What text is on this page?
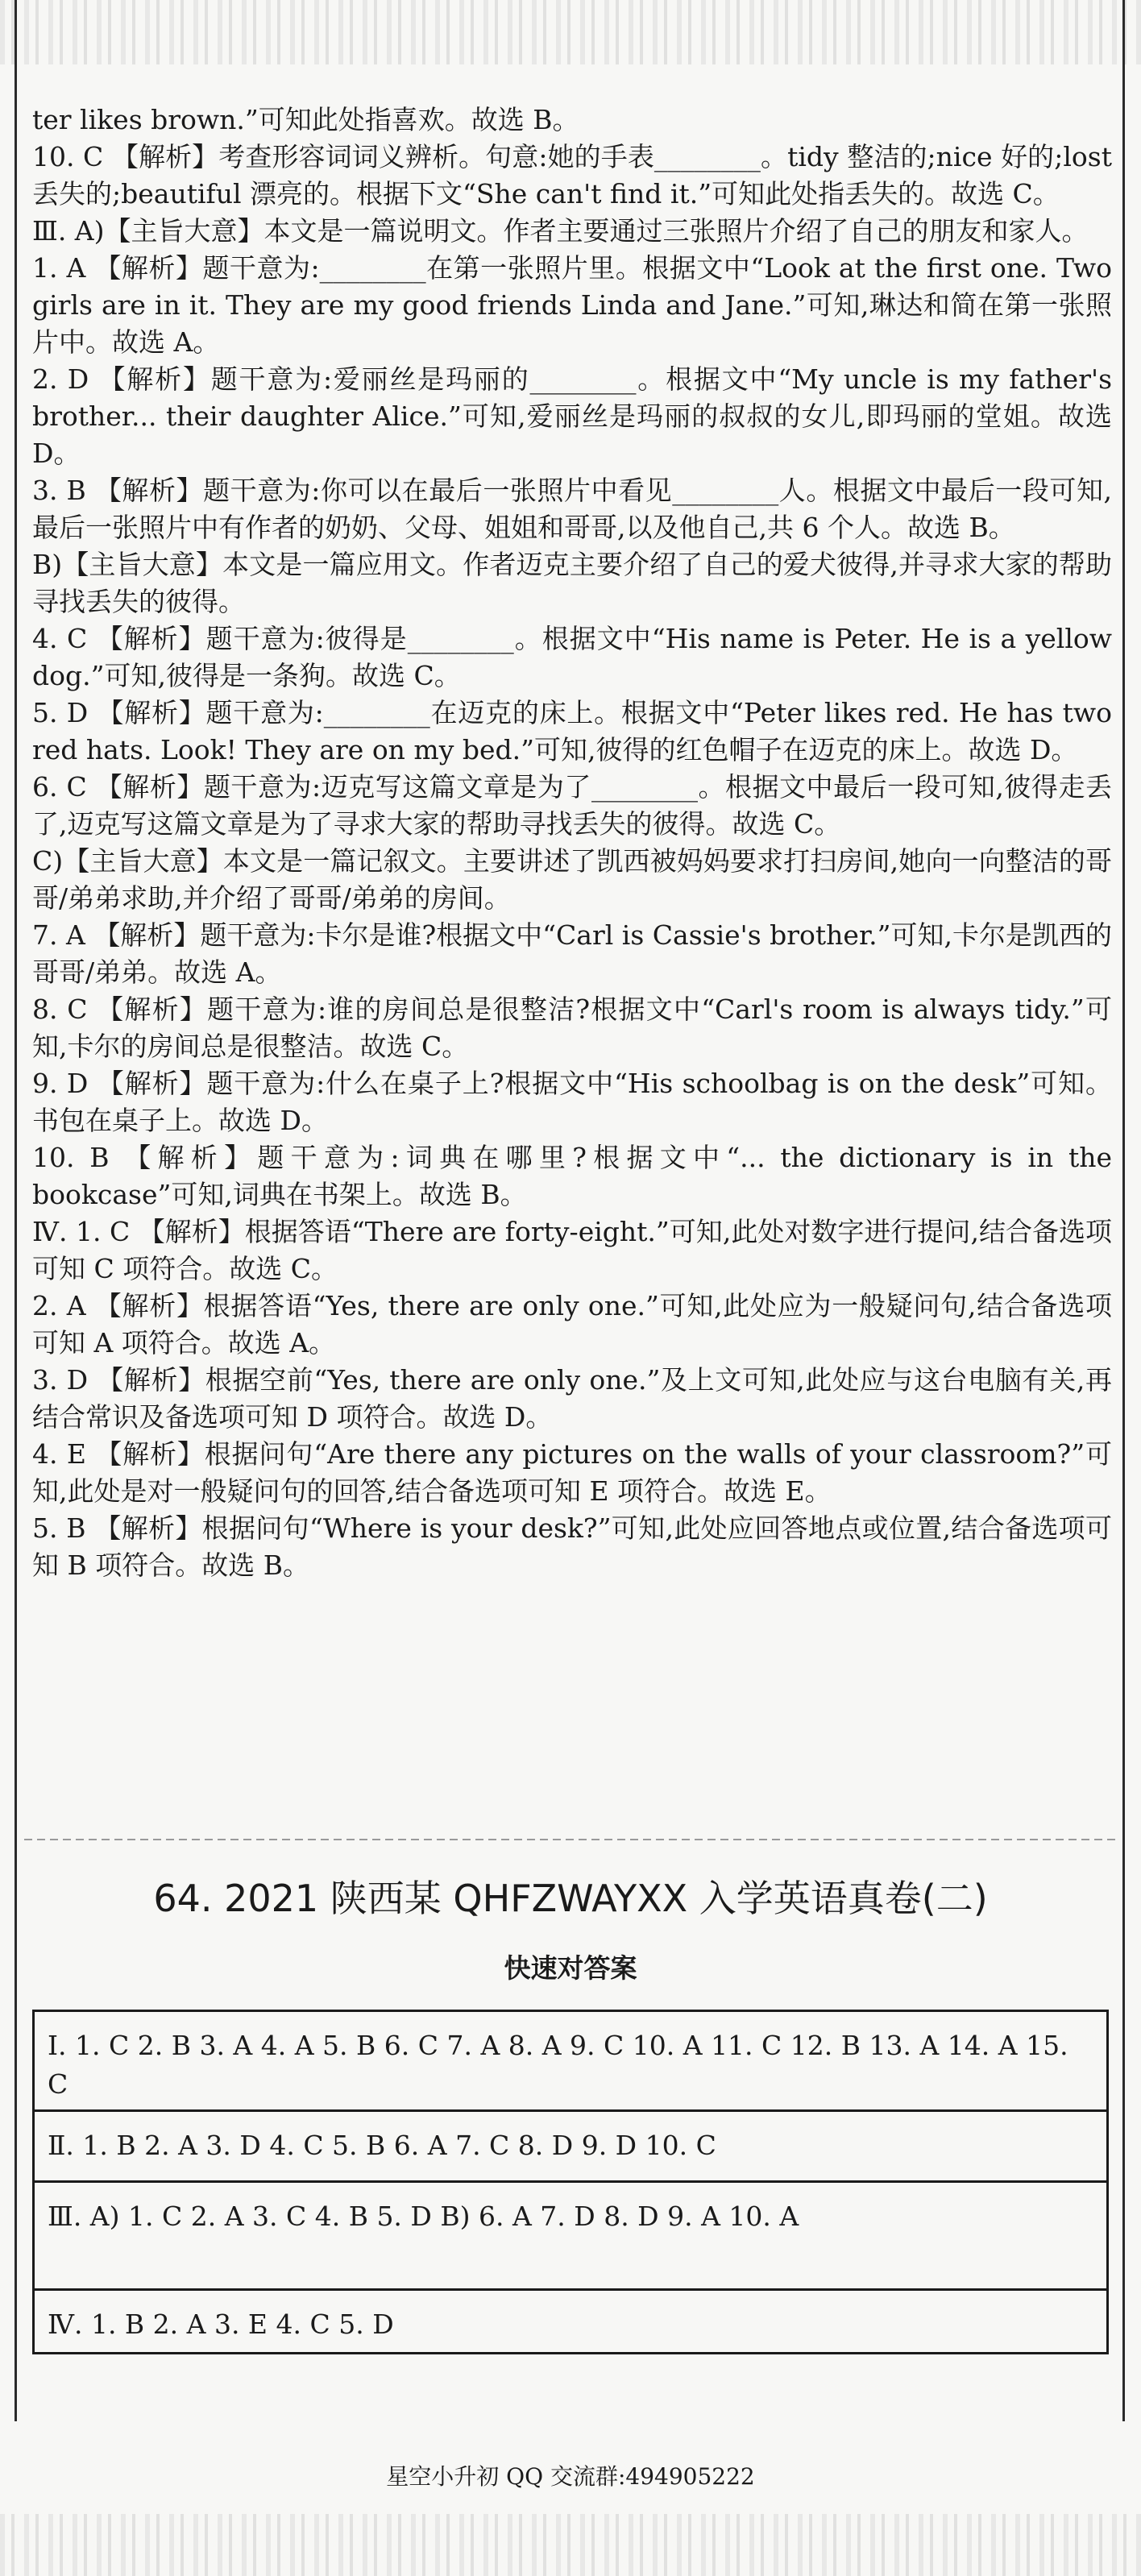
ter likes brown.”可知此处指喜欢。故选 B。
10. C 【解析】考查形容词词义辨析。句意:她的手表________。tidy 整洁的;nice 好的;lost 丢失的;beautiful 漂亮的。根据下文“She can't find it.”可知此处指丢失的。故选 C。
Ⅲ. A)【主旨大意】本文是一篇说明文。作者主要通过三张照片介绍了自己的朋友和家人。
1. A 【解析】题干意为:________在第一张照片里。根据文中“Look at the first one. Two girls are in it. They are my good friends Linda and Jane.”可知,琳达和简在第一张照片中。故选 A。
2. D 【解析】题干意为:爱丽丝是玛丽的________。根据文中“My uncle is my father's brother... their daughter Alice.”可知,爱丽丝是玛丽的叔叔的女儿,即玛丽的堂姐。故选 D。
3. B 【解析】题干意为:你可以在最后一张照片中看见________人。根据文中最后一段可知,最后一张照片中有作者的奶奶、父母、姐姐和哥哥,以及他自己,共 6 个人。故选 B。
B)【主旨大意】本文是一篇应用文。作者迈克主要介绍了自己的爱犬彼得,并寻求大家的帮助寻找丢失的彼得。
4. C 【解析】题干意为:彼得是________。根据文中“His name is Peter. He is a yellow dog.”可知,彼得是一条狗。故选 C。
5. D 【解析】题干意为:________在迈克的床上。根据文中“Peter likes red. He has two red hats. Look! They are on my bed.”可知,彼得的红色帽子在迈克的床上。故选 D。
6. C 【解析】题干意为:迈克写这篇文章是为了________。根据文中最后一段可知,彼得走丢了,迈克写这篇文章是为了寻求大家的帮助寻找丢失的彼得。故选 C。
C)【主旨大意】本文是一篇记叙文。主要讲述了凯西被妈妈要求打扫房间,她向一向整洁的哥哥/弟弟求助,并介绍了哥哥/弟弟的房间。
7. A 【解析】题干意为:卡尔是谁?根据文中“Carl is Cassie's brother.”可知,卡尔是凯西的哥哥/弟弟。故选 A。
8. C 【解析】题干意为:谁的房间总是很整洁?根据文中“Carl's room is always tidy.”可知,卡尔的房间总是很整洁。故选 C。
9. D 【解析】题干意为:什么在桌子上?根据文中“His schoolbag is on the desk”可知。书包在桌子上。故选 D。
10. B 【解析】题干意为:词典在哪里?根据文中“... the dictionary is in the bookcase”可知,词典在书架上。故选 B。
Ⅳ. 1. C 【解析】根据答语“There are forty-eight.”可知,此处对数字进行提问,结合备选项可知 C 项符合。故选 C。
2. A 【解析】根据答语“Yes, there are only one.”可知,此处应为一般疑问句,结合备选项可知 A 项符合。故选 A。
3. D 【解析】根据空前“Yes, there are only one.”及上文可知,此处应与这台电脑有关,再结合常识及备选项可知 D 项符合。故选 D。
4. E 【解析】根据问句“Are there any pictures on the walls of your classroom?”可知,此处是对一般疑问句的回答,结合备选项可知 E 项符合。故选 E。
5. B 【解析】根据问句“Where is your desk?”可知,此处应回答地点或位置,结合备选项可知 B 项符合。故选 B。
64. 2021 陕西某 QHFZWAYXX 入学英语真卷(二)
快速对答案
Ⅰ. 1. C 2. B 3. A 4. A 5. B 6. C 7. A 8. A 9. C 10. A 11. C 12. B 13. A 14. A 15. C
Ⅱ. 1. B 2. A 3. D 4. C 5. B 6. A 7. C 8. D 9. D 10. C
Ⅲ. A) 1. C 2. A 3. C 4. B 5. D B) 6. A 7. D 8. D 9. A 10. A
Ⅳ. 1. B 2. A 3. E 4. C 5. D
星空小升初 QQ 交流群:494905222
